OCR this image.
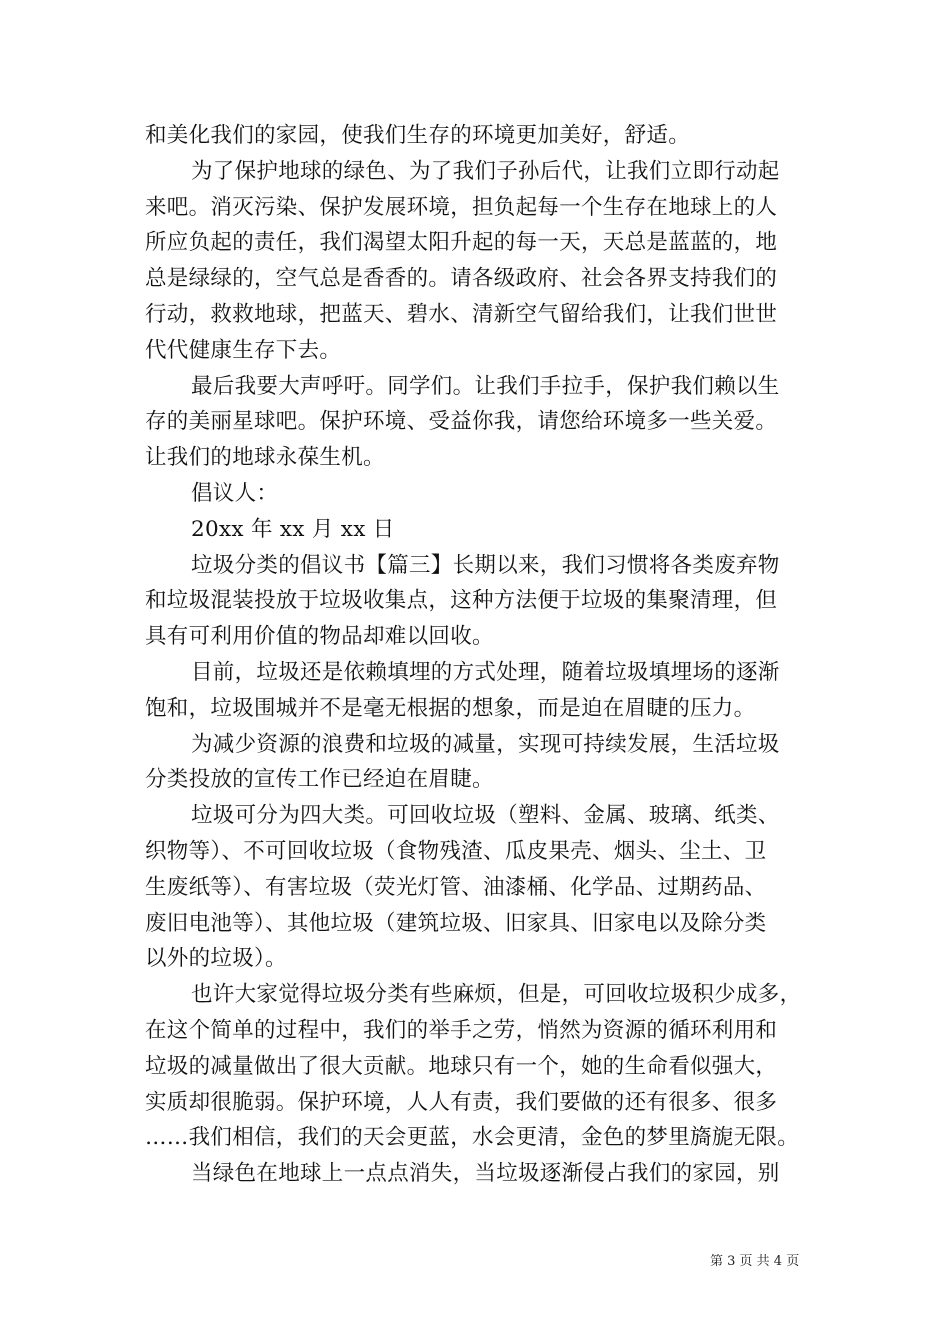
和美化我们的家园，使我们生存的环境更加美好，舒适。
为了保护地球的绿色、为了我们子孙后代，让我们立即行动起
来吧。消灭污染、保护发展环境，担负起每一个生存在地球上的人
所应负起的责任，我们渴望太阳升起的每一天，天总是蓝蓝的，地
总是绿绿的，空气总是香香的。请各级政府、社会各界支持我们的
行动，救救地球，把蓝天、碧水、清新空气留给我们，让我们世世
代代健康生存下去。
最后我要大声呼吁。同学们。让我们手拉手，保护我们赖以生
存的美丽星球吧。保护环境、受益你我，请您给环境多一些关爱。
让我们的地球永葆生机。
倡议人：
20xx 年 xx 月 xx 日
垃圾分类的倡议书【篇三】长期以来，我们习惯将各类废弃物
和垃圾混装投放于垃圾收集点，这种方法便于垃圾的集聚清理，但
具有可利用价值的物品却难以回收。
目前，垃圾还是依赖填埋的方式处理，随着垃圾填埋场的逐渐
饱和，垃圾围城并不是毫无根据的想象，而是迫在眉睫的压力。
为减少资源的浪费和垃圾的减量，实现可持续发展，生活垃圾
分类投放的宣传工作已经迫在眉睫。
垃圾可分为四大类。可回收垃圾（塑料、金属、玻璃、纸类、
织物等）、不可回收垃圾（食物残渣、瓜皮果壳、烟头、尘土、卫
生废纸等）、有害垃圾（荧光灯管、油漆桶、化学品、过期药品、
废旧电池等）、其他垃圾（建筑垃圾、旧家具、旧家电以及除分类
以外的垃圾）。
也许大家觉得垃圾分类有些麻烦，但是，可回收垃圾积少成多，
在这个简单的过程中，我们的举手之劳，悄然为资源的循环利用和
垃圾的减量做出了很大贡献。地球只有一个，她的生命看似强大，
实质却很脆弱。保护环境，人人有责，我们要做的还有很多、很多
……我们相信，我们的天会更蓝，水会更清，金色的梦里旖旎无限。
当绿色在地球上一点点消失，当垃圾逐渐侵占我们的家园，别
第 3 页 共 4 页
